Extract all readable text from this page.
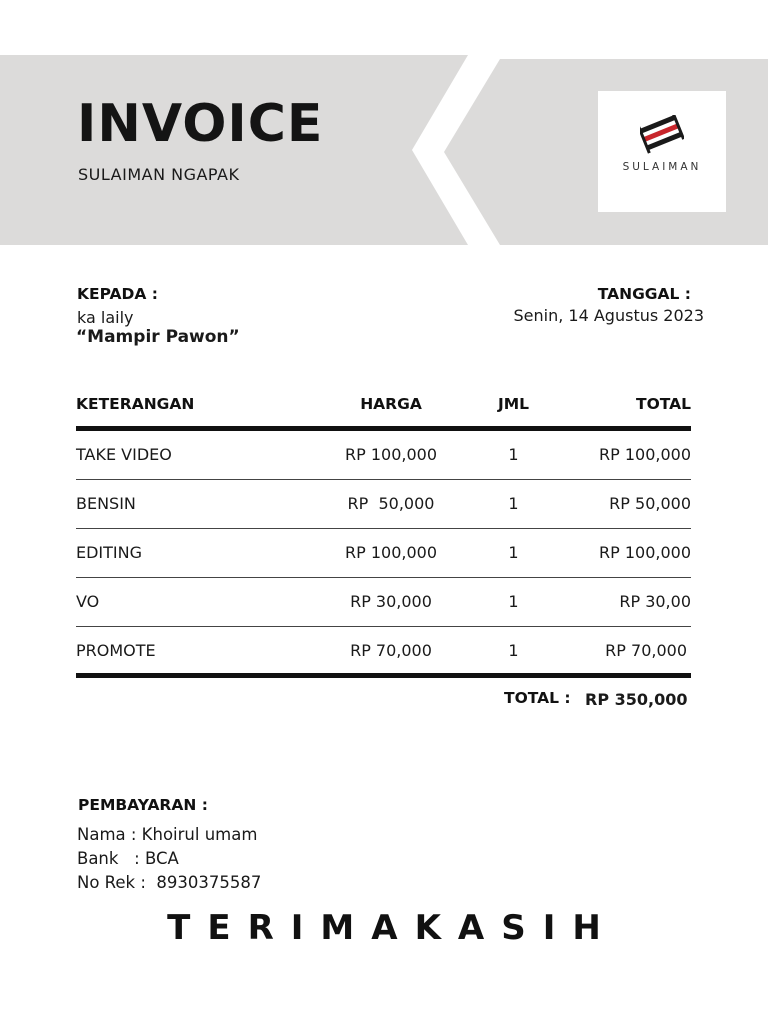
INVOICE
SULAIMAN NGAPAK	SULAIMAN
KEPADA :
ka laily
“Mampir Pawon”
TANGGAL :
Senin, 14 Agustus 2023
KETERANGAN	HARGA	JML	TOTAL
TAKE VIDEO	RP 100,000	1	RP 100,000
BENSIN	RP  50,000	1	RP 50,000
EDITING	RP 100,000	1	RP 100,000
VO	RP 30,000	1	RP 30,00
PROMOTE	RP 70,000	1	RP 70,000
TOTAL : RP 350,000
PEMBAYARAN :
Nama : Khoirul umam
Bank   : BCA
No Rek :  8930375587
TERIMAKASIH
